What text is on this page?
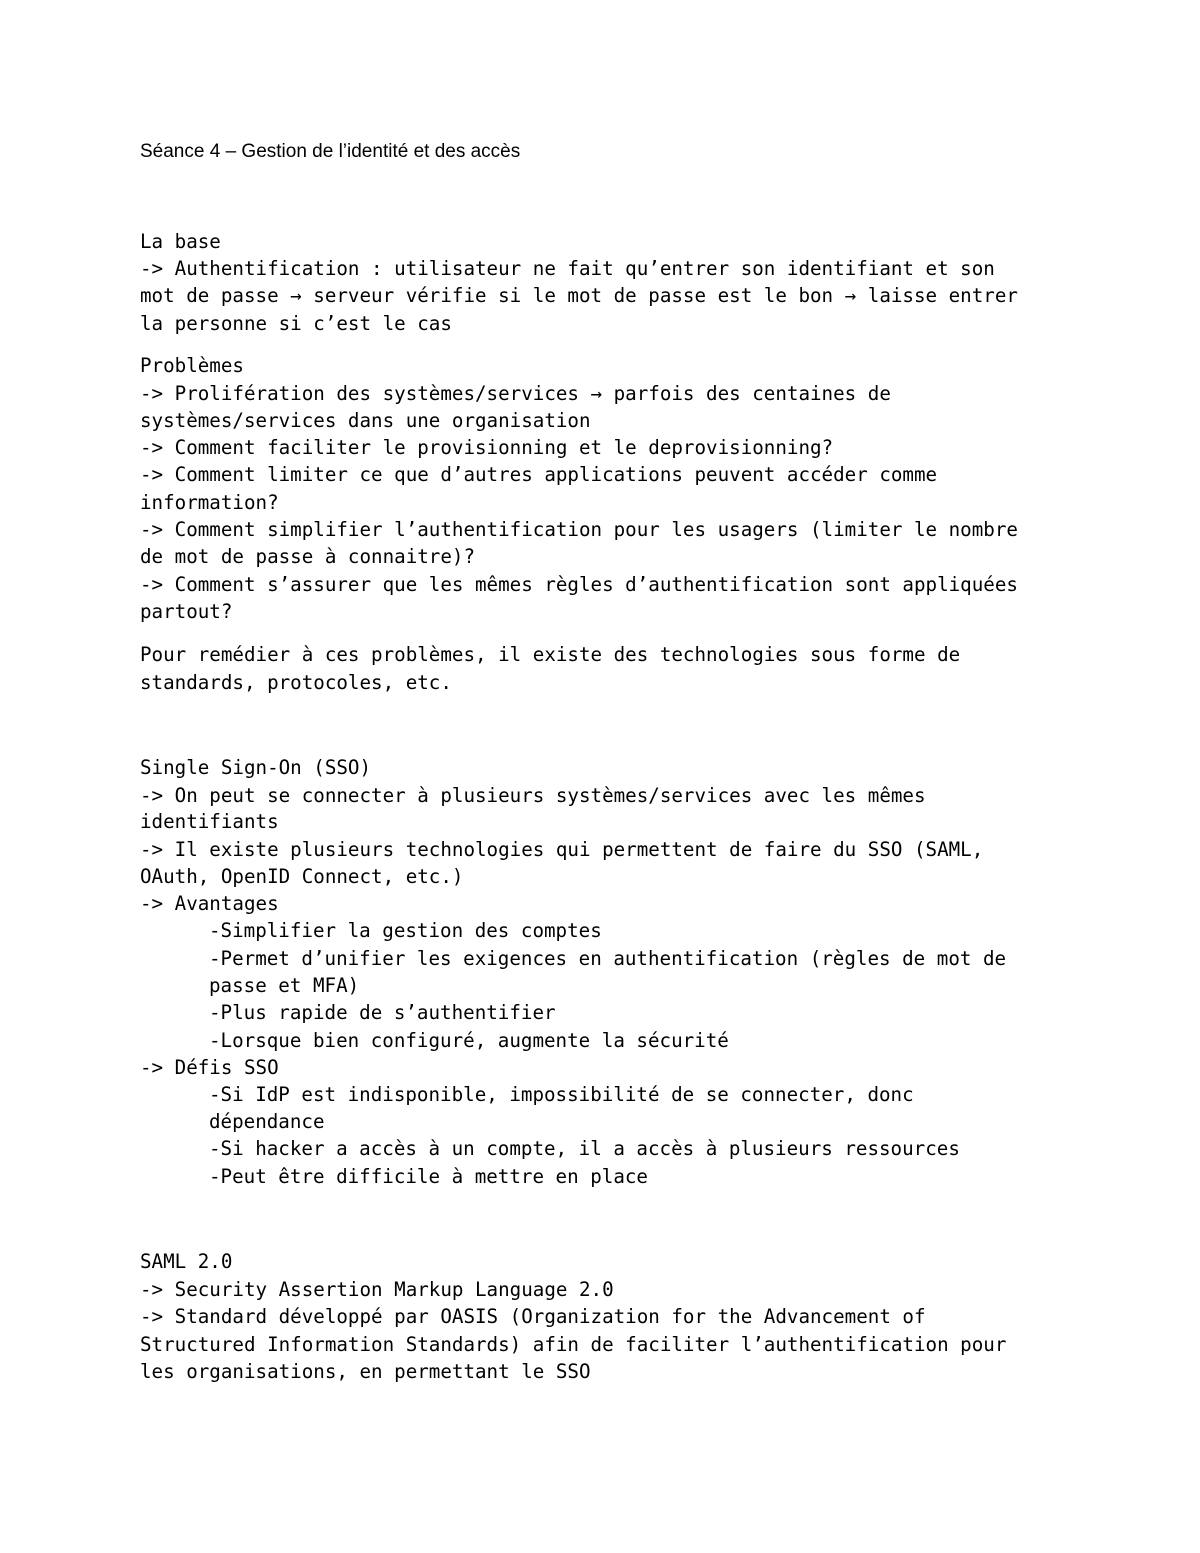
Séance 4 – Gestion de l’identité et des accès
La base
-> Authentification : utilisateur ne fait qu’entrer son identifiant et son
mot de passe → serveur vérifie si le mot de passe est le bon → laisse entrer
la personne si c’est le cas
Problèmes
-> Prolifération des systèmes/services → parfois des centaines de
systèmes/services dans une organisation
-> Comment faciliter le provisionning et le deprovisionning?
-> Comment limiter ce que d’autres applications peuvent accéder comme
information?
-> Comment simplifier l’authentification pour les usagers (limiter le nombre
de mot de passe à connaitre)?
-> Comment s’assurer que les mêmes règles d’authentification sont appliquées
partout?
Pour remédier à ces problèmes, il existe des technologies sous forme de
standards, protocoles, etc.
Single Sign-On (SSO)
-> On peut se connecter à plusieurs systèmes/services avec les mêmes
identifiants
-> Il existe plusieurs technologies qui permettent de faire du SSO (SAML,
OAuth, OpenID Connect, etc.)
-> Avantages
-Simplifier la gestion des comptes
-Permet d’unifier les exigences en authentification (règles de mot de
passe et MFA)
-Plus rapide de s’authentifier
-Lorsque bien configuré, augmente la sécurité
-> Défis SSO
-Si IdP est indisponible, impossibilité de se connecter, donc
dépendance
-Si hacker a accès à un compte, il a accès à plusieurs ressources
-Peut être difficile à mettre en place
SAML 2.0
-> Security Assertion Markup Language 2.0
-> Standard développé par OASIS (Organization for the Advancement of
Structured Information Standards) afin de faciliter l’authentification pour
les organisations, en permettant le SSO
